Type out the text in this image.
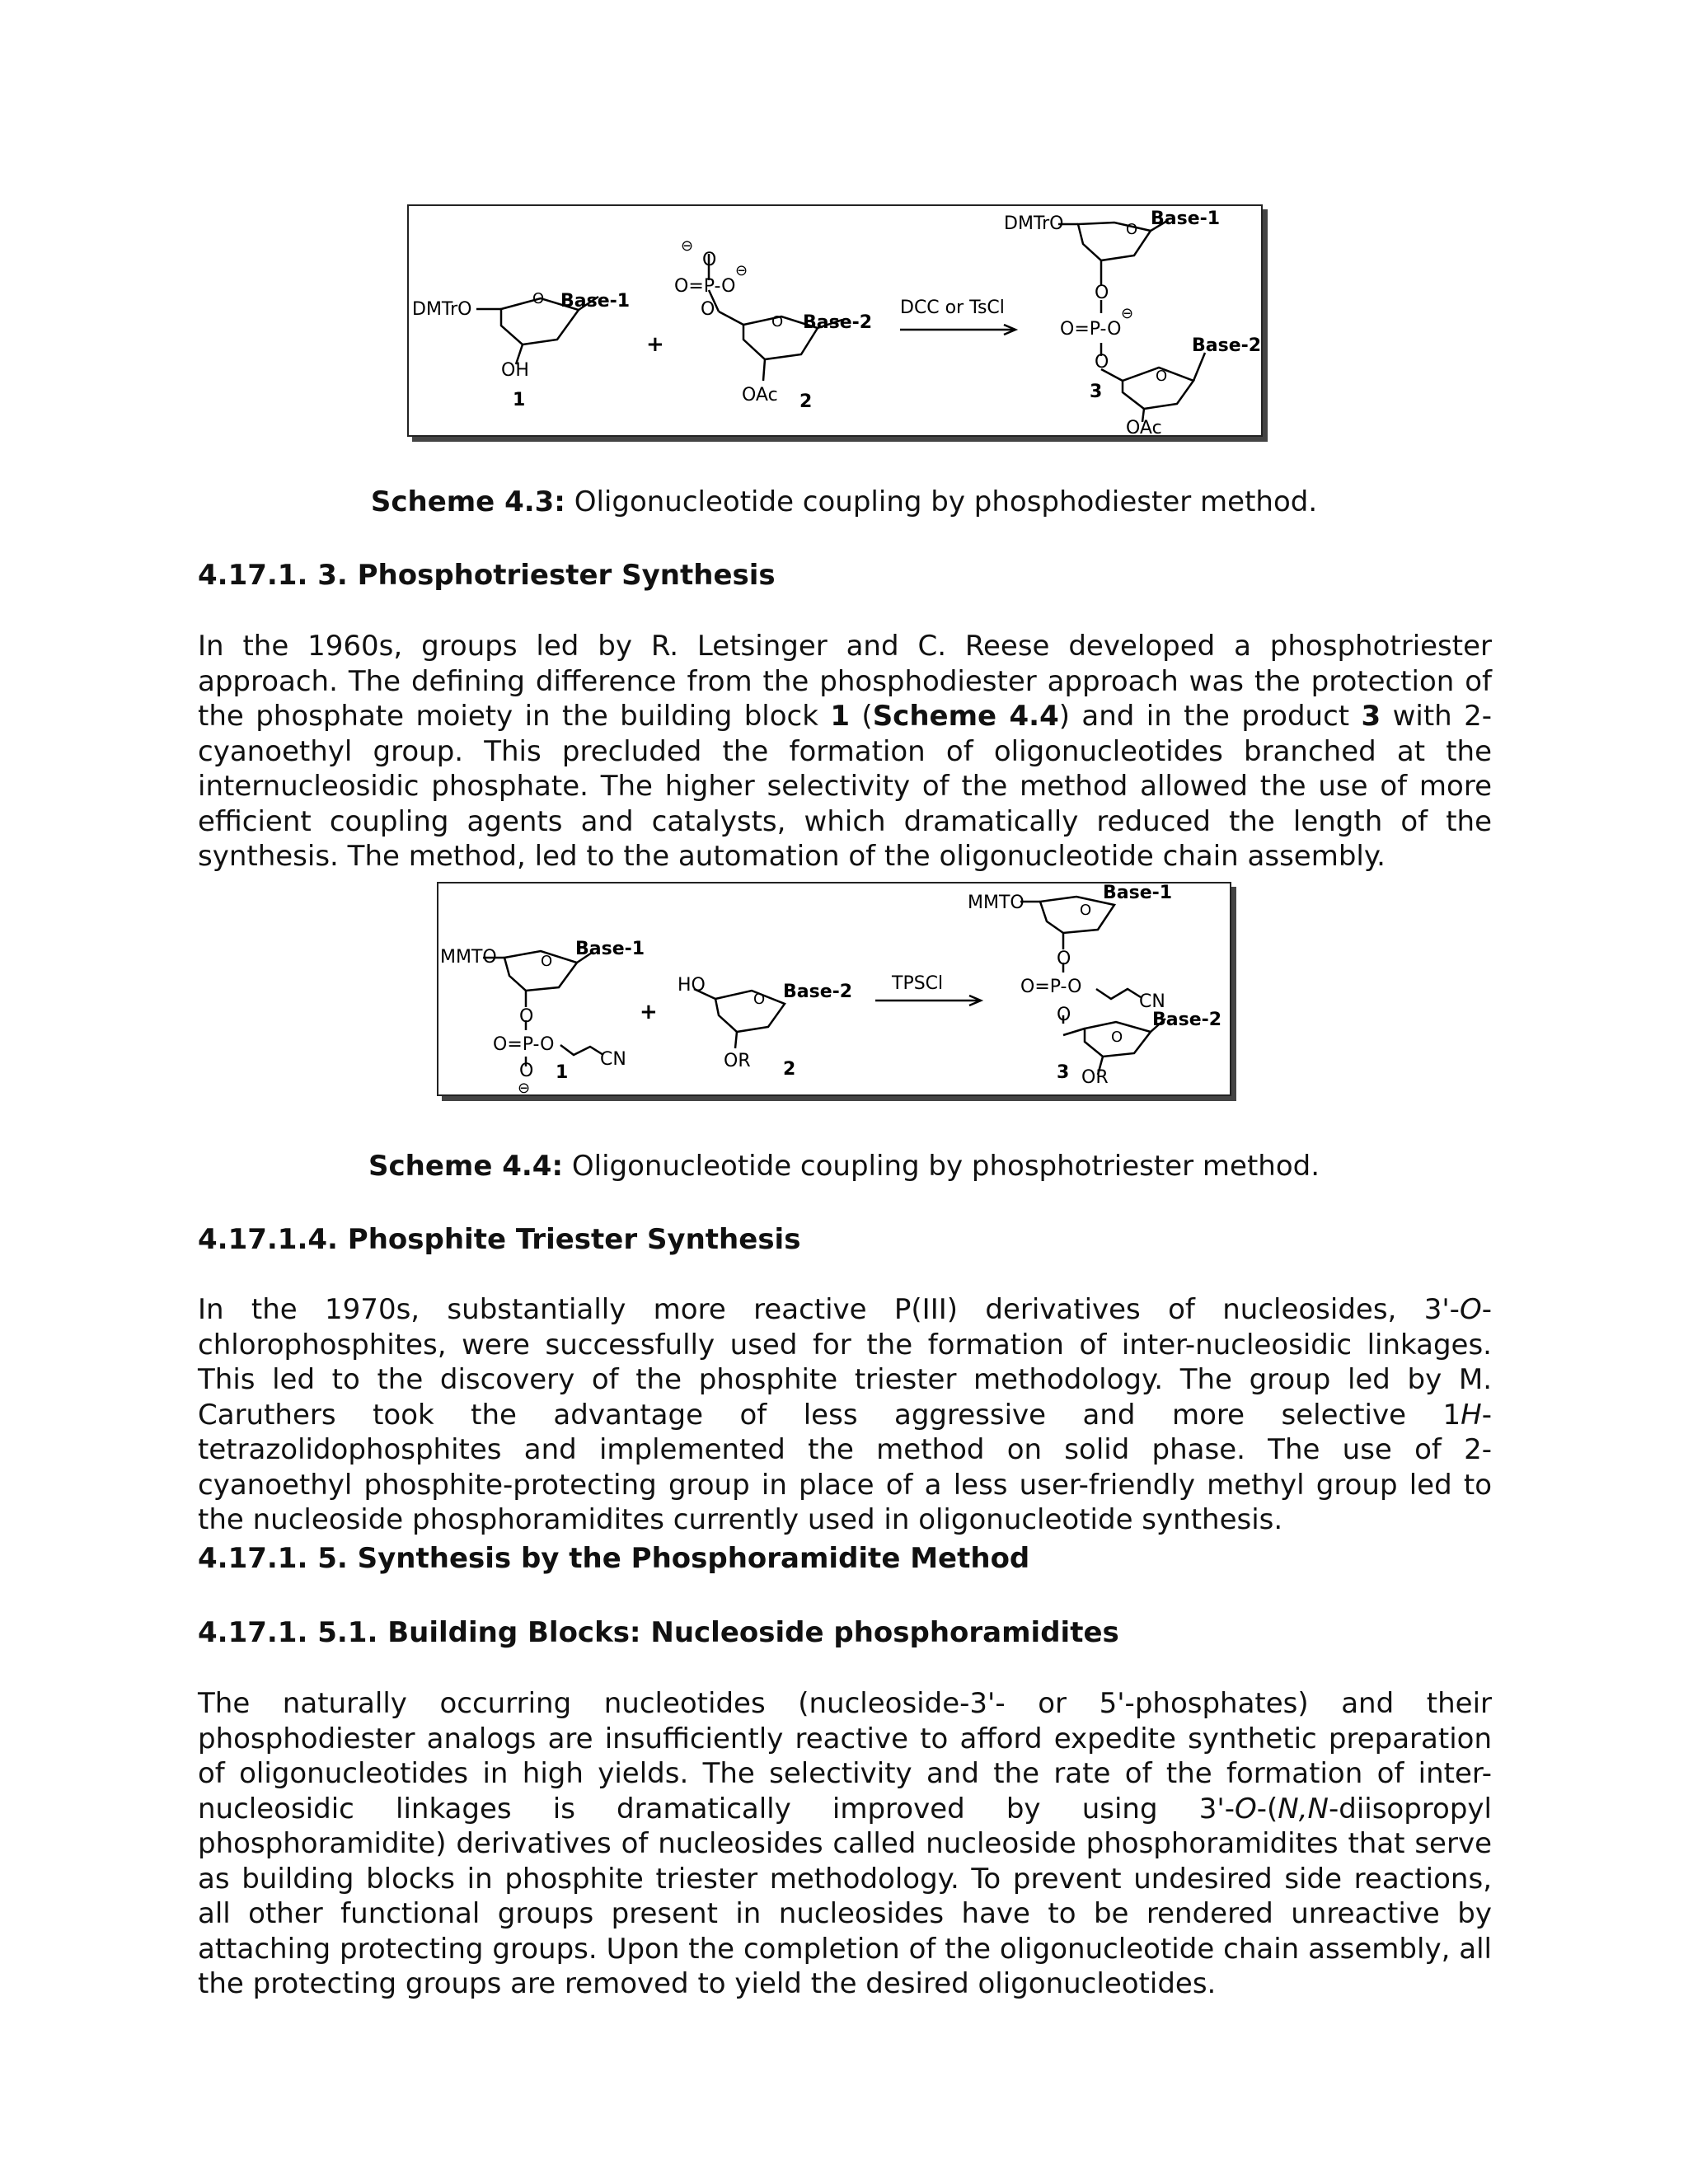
DMTrO
O Base-1
OH
1
+
⊖
O
O=P-O
⊖
O
O Base-2
OAc 2
DCC or TsCl
DMTrO	O
Base-1
O
O=P-O
⊖
O
O
Base-2
3
OAc
Scheme 4.3: Oligonucleotide coupling by phosphodiester method.
4.17.1. 3. Phosphotriester Synthesis
In the 1960s, groups led by R. Letsinger and C. Reese developed a phosphotriester approach. The defining difference from the phosphodiester approach was the protection of the phosphate moiety in the building block 1 (Scheme 4.4) and in the product 3 with 2-cyanoethyl group. This precluded the formation of oligonucleotides branched at the internucleosidic phosphate. The higher selectivity of the method allowed the use of more efficient coupling agents and catalysts, which dramatically reduced the length of the synthesis. The method, led to the automation of the oligonucleotide chain assembly.
MMTO	O
Base-1
O
O=P-O
CN
O
⊖
1
+
HO
O Base-2
OR 2
TPSCl
MMTO	O
Base-1
O
O=P-O
CN
O
O
Base-2
3 OR
Scheme 4.4: Oligonucleotide coupling by phosphotriester method.
4.17.1.4. Phosphite Triester Synthesis
In the 1970s, substantially more reactive P(III) derivatives of nucleosides, 3'-O-chlorophosphites, were successfully used for the formation of inter-nucleosidic linkages. This led to the discovery of the phosphite triester methodology. The group led by M. Caruthers took the advantage of less aggressive and more selective 1H-tetrazolidophosphites and implemented the method on solid phase. The use of 2-cyanoethyl phosphite-protecting group in place of a less user-friendly methyl group led to the nucleoside phosphoramidites currently used in oligonucleotide synthesis.
4.17.1. 5. Synthesis by the Phosphoramidite Method
4.17.1. 5.1. Building Blocks: Nucleoside phosphoramidites
The naturally occurring nucleotides (nucleoside-3'- or 5'-phosphates) and their phosphodiester analogs are insufficiently reactive to afford expedite synthetic preparation of oligonucleotides in high yields. The selectivity and the rate of the formation of inter-nucleosidic linkages is dramatically improved by using 3'-O-(N,N-diisopropyl phosphoramidite) derivatives of nucleosides called nucleoside phosphoramidites that serve as building blocks in phosphite triester methodology. To prevent undesired side reactions, all other functional groups present in nucleosides have to be rendered unreactive by attaching protecting groups. Upon the completion of the oligonucleotide chain assembly, all the protecting groups are removed to yield the desired oligonucleotides.
